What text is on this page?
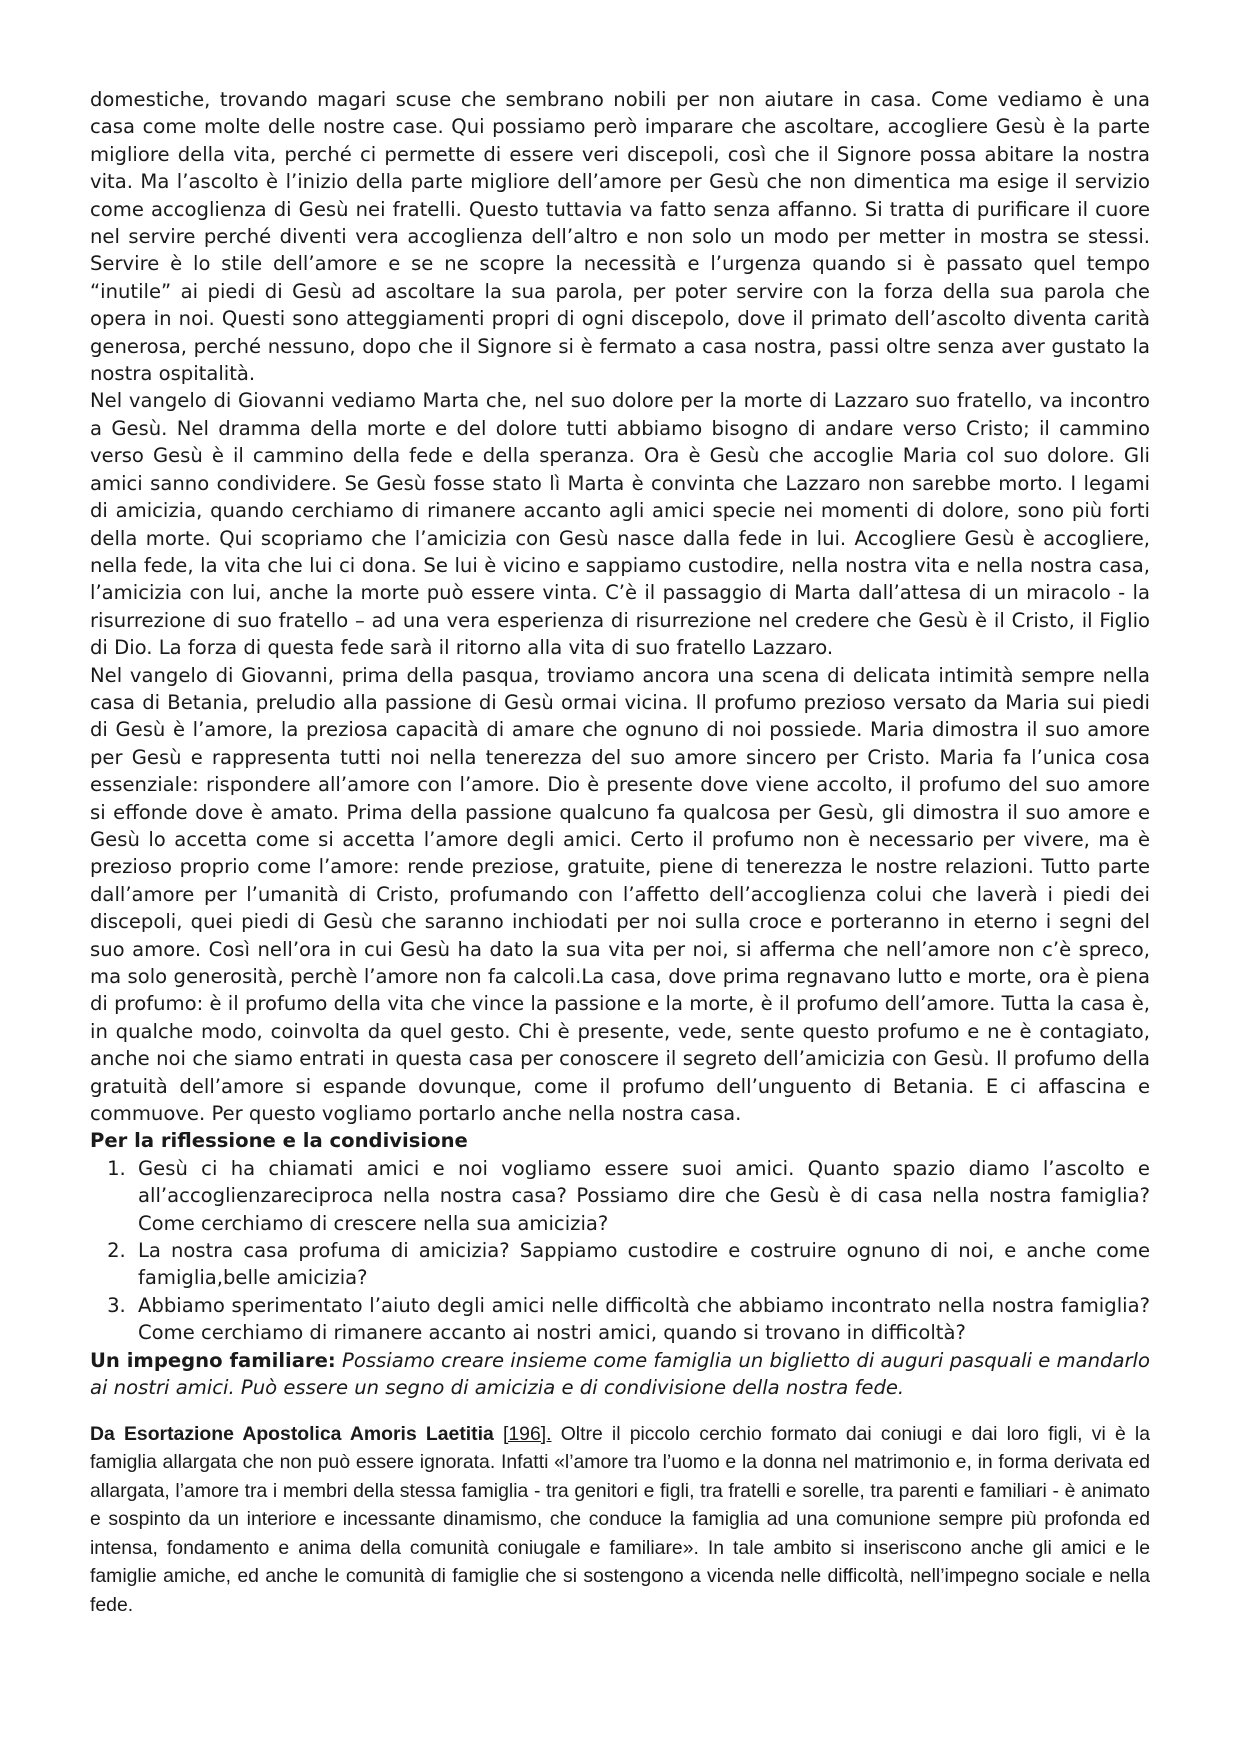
domestiche, trovando magari scuse che sembrano nobili per non aiutare in casa. Come vediamo è una casa come molte delle nostre case. Qui possiamo però imparare che ascoltare, accogliere Gesù è la parte migliore della vita, perché ci permette di essere veri discepoli, così che il Signore possa abitare la nostra vita. Ma l’ascolto è l’inizio della parte migliore dell’amore per Gesù che non dimentica ma esige il servizio come accoglienza di Gesù nei fratelli. Questo tuttavia va fatto senza affanno. Si tratta di purificare il cuore nel servire perché diventi vera accoglienza dell’altro e non solo un modo per metter in mostra se stessi. Servire è lo stile dell’amore e se ne scopre la necessità e l’urgenza quando si è passato quel tempo “inutile” ai piedi di Gesù ad ascoltare la sua parola, per poter servire con la forza della sua parola che opera in noi. Questi sono atteggiamenti propri di ogni discepolo, dove il primato dell’ascolto diventa carità generosa, perché nessuno, dopo che il Signore si è fermato a casa nostra, passi oltre senza aver gustato la nostra ospitalità.

Nel vangelo di Giovanni vediamo Marta che, nel suo dolore per la morte di Lazzaro suo fratello, va incontro a Gesù. Nel dramma della morte e del dolore tutti abbiamo bisogno di andare verso Cristo; il cammino verso Gesù è il cammino della fede e della speranza. Ora è Gesù che accoglie Maria col suo dolore. Gli amici sanno condividere. Se Gesù fosse stato lì Marta è convinta che Lazzaro non sarebbe morto. I legami di amicizia, quando cerchiamo di rimanere accanto agli amici specie nei momenti di dolore, sono più forti della morte. Qui scopriamo che l’amicizia con Gesù nasce dalla fede in lui. Accogliere Gesù è accogliere, nella fede, la vita che lui ci dona. Se lui è vicino e sappiamo custodire, nella nostra vita e nella nostra casa, l’amicizia con lui, anche la morte può essere vinta. C’è il passaggio di Marta dall’attesa di un miracolo - la risurrezione di suo fratello – ad una vera esperienza di risurrezione nel credere che Gesù è il Cristo, il Figlio di Dio. La forza di questa fede sarà il ritorno alla vita di suo fratello Lazzaro.

Nel vangelo di Giovanni, prima della pasqua, troviamo ancora una scena di delicata intimità sempre nella casa di Betania, preludio alla passione di Gesù ormai vicina. Il profumo prezioso versato da Maria sui piedi di Gesù è l’amore, la preziosa capacità di amare che ognuno di noi possiede. Maria dimostra il suo amore per Gesù e rappresenta tutti noi nella tenerezza del suo amore sincero per Cristo. Maria fa l’unica cosa essenziale: rispondere all’amore con l’amore. Dio è presente dove viene accolto, il profumo del suo amore si effonde dove è amato. Prima della passione qualcuno fa qualcosa per Gesù, gli dimostra il suo amore e Gesù lo accetta come si accetta l’amore degli amici. Certo il profumo non è necessario per vivere, ma è prezioso proprio come l’amore: rende preziose, gratuite, piene di tenerezza le nostre relazioni. Tutto parte dall’amore per l’umanità di Cristo, profumando con l’affetto dell’accoglienza colui che laverà i piedi dei discepoli, quei piedi di Gesù che saranno inchiodati per noi sulla croce e porteranno in eterno i segni del suo amore. Così nell’ora in cui Gesù ha dato la sua vita per noi, si afferma che nell’amore non c’è spreco, ma solo generosità, perchè l’amore non fa calcoli.La casa, dove prima regnavano lutto e morte, ora è piena di profumo: è il profumo della vita che vince la passione e la morte, è il profumo dell’amore. Tutta la casa è, in qualche modo, coinvolta da quel gesto. Chi è presente, vede, sente questo profumo e ne è contagiato, anche noi che siamo entrati in questa casa per conoscere il segreto dell’amicizia con Gesù. Il profumo della gratuità dell’amore si espande dovunque, come il profumo dell’unguento di Betania. E ci affascina e commuove. Per questo vogliamo portarlo anche nella nostra casa.

Per la riflessione e la condivisione

1. Gesù ci ha chiamati amici e noi vogliamo essere suoi amici. Quanto spazio diamo l’ascolto e all’accoglienzareciproca nella nostra casa? Possiamo dire che Gesù è di casa nella nostra famiglia? Come cerchiamo di crescere nella sua amicizia?
2. La nostra casa profuma di amicizia? Sappiamo custodire e costruire ognuno di noi, e anche come famiglia,belle amicizia?
3. Abbiamo sperimentato l’aiuto degli amici nelle difficoltà che abbiamo incontrato nella nostra famiglia? Come cerchiamo di rimanere accanto ai nostri amici, quando si trovano in difficoltà?

Un impegno familiare: Possiamo creare insieme come famiglia un biglietto di auguri pasquali e mandarlo ai nostri amici. Può essere un segno di amicizia e di condivisione della nostra fede.

Da Esortazione Apostolica Amoris Laetitia [196]. Oltre il piccolo cerchio formato dai coniugi e dai loro figli, vi è la famiglia allargata che non può essere ignorata. Infatti «l’amore tra l’uomo e la donna nel matrimonio e, in forma derivata ed allargata, l’amore tra i membri della stessa famiglia - tra genitori e figli, tra fratelli e sorelle, tra parenti e familiari - è animato e sospinto da un interiore e incessante dinamismo, che conduce la famiglia ad una comunione sempre più profonda ed intensa, fondamento e anima della comunità coniugale e familiare». In tale ambito si inseriscono anche gli amici e le famiglie amiche, ed anche le comunità di famiglie che si sostengono a vicenda nelle difficoltà, nell’impegno sociale e nella fede.
